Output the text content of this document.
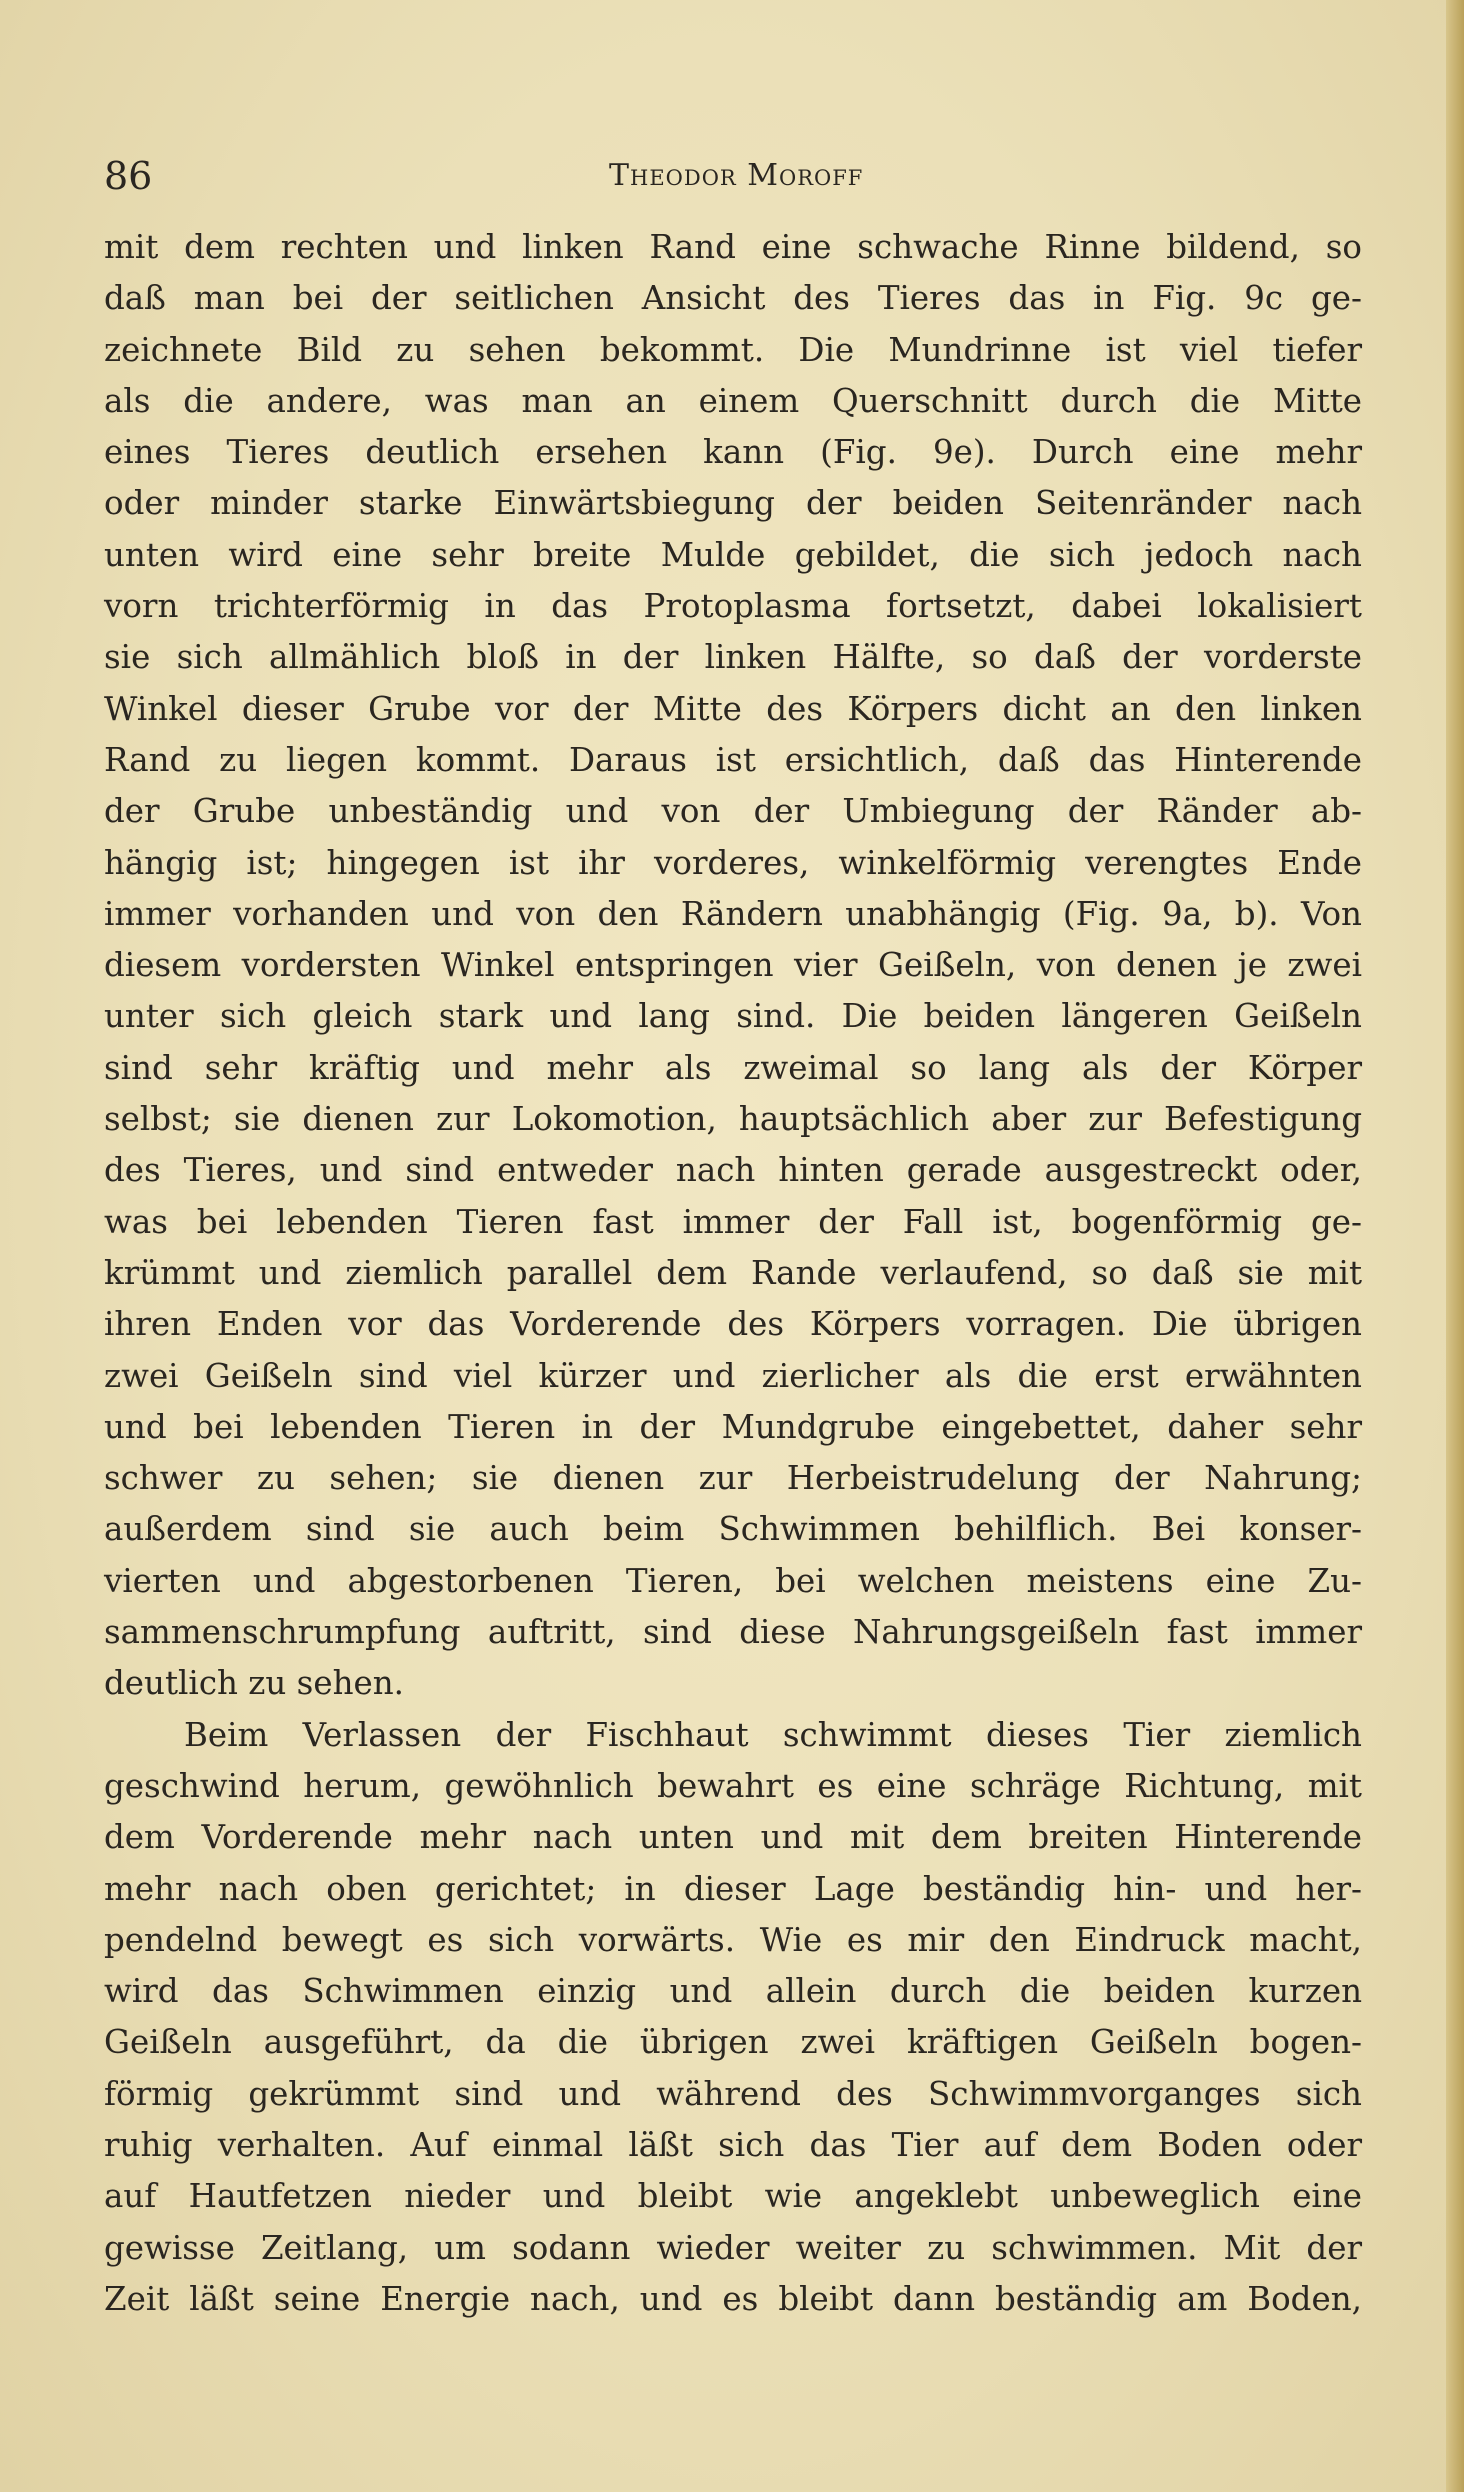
86	Theodor Moroff

mit dem rechten und linken Rand eine schwache Rinne bildend, so

daß man bei der seitlichen Ansicht des Tieres das in Fig. 9c ge-

zeichnete Bild zu sehen bekommt. Die Mundrinne ist viel tiefer

als die andere, was man an einem Querschnitt durch die Mitte

eines Tieres deutlich ersehen kann (Fig. 9e). Durch eine mehr

oder minder starke Einwärtsbiegung der beiden Seitenränder nach

unten wird eine sehr breite Mulde gebildet, die sich jedoch nach

vorn trichterförmig in das Protoplasma fortsetzt, dabei lokalisiert

sie sich allmählich bloß in der linken Hälfte, so daß der vorderste

Winkel dieser Grube vor der Mitte des Körpers dicht an den linken

Rand zu liegen kommt. Daraus ist ersichtlich, daß das Hinterende

der Grube unbeständig und von der Umbiegung der Ränder ab-

hängig ist; hingegen ist ihr vorderes, winkelförmig verengtes Ende

immer vorhanden und von den Rändern unabhängig (Fig. 9a, b). Von

diesem vordersten Winkel entspringen vier Geißeln, von denen je zwei

unter sich gleich stark und lang sind. Die beiden längeren Geißeln

sind sehr kräftig und mehr als zweimal so lang als der Körper

selbst; sie dienen zur Lokomotion, hauptsächlich aber zur Befestigung

des Tieres, und sind entweder nach hinten gerade ausgestreckt oder,

was bei lebenden Tieren fast immer der Fall ist, bogenförmig ge-

krümmt und ziemlich parallel dem Rande verlaufend, so daß sie mit

ihren Enden vor das Vorderende des Körpers vorragen. Die übrigen

zwei Geißeln sind viel kürzer und zierlicher als die erst erwähnten

und bei lebenden Tieren in der Mundgrube eingebettet, daher sehr

schwer zu sehen; sie dienen zur Herbeistrudelung der Nahrung;

außerdem sind sie auch beim Schwimmen behilflich. Bei konser-

vierten und abgestorbenen Tieren, bei welchen meistens eine Zu-

sammenschrumpfung auftritt, sind diese Nahrungsgeißeln fast immer

deutlich zu sehen.

Beim Verlassen der Fischhaut schwimmt dieses Tier ziemlich

geschwind herum, gewöhnlich bewahrt es eine schräge Richtung, mit

dem Vorderende mehr nach unten und mit dem breiten Hinterende

mehr nach oben gerichtet; in dieser Lage beständig hin- und her-

pendelnd bewegt es sich vorwärts. Wie es mir den Eindruck macht,

wird das Schwimmen einzig und allein durch die beiden kurzen

Geißeln ausgeführt, da die übrigen zwei kräftigen Geißeln bogen-

förmig gekrümmt sind und während des Schwimmvorganges sich

ruhig verhalten. Auf einmal läßt sich das Tier auf dem Boden oder

auf Hautfetzen nieder und bleibt wie angeklebt unbeweglich eine

gewisse Zeitlang, um sodann wieder weiter zu schwimmen. Mit der

Zeit läßt seine Energie nach, und es bleibt dann beständig am Boden,
